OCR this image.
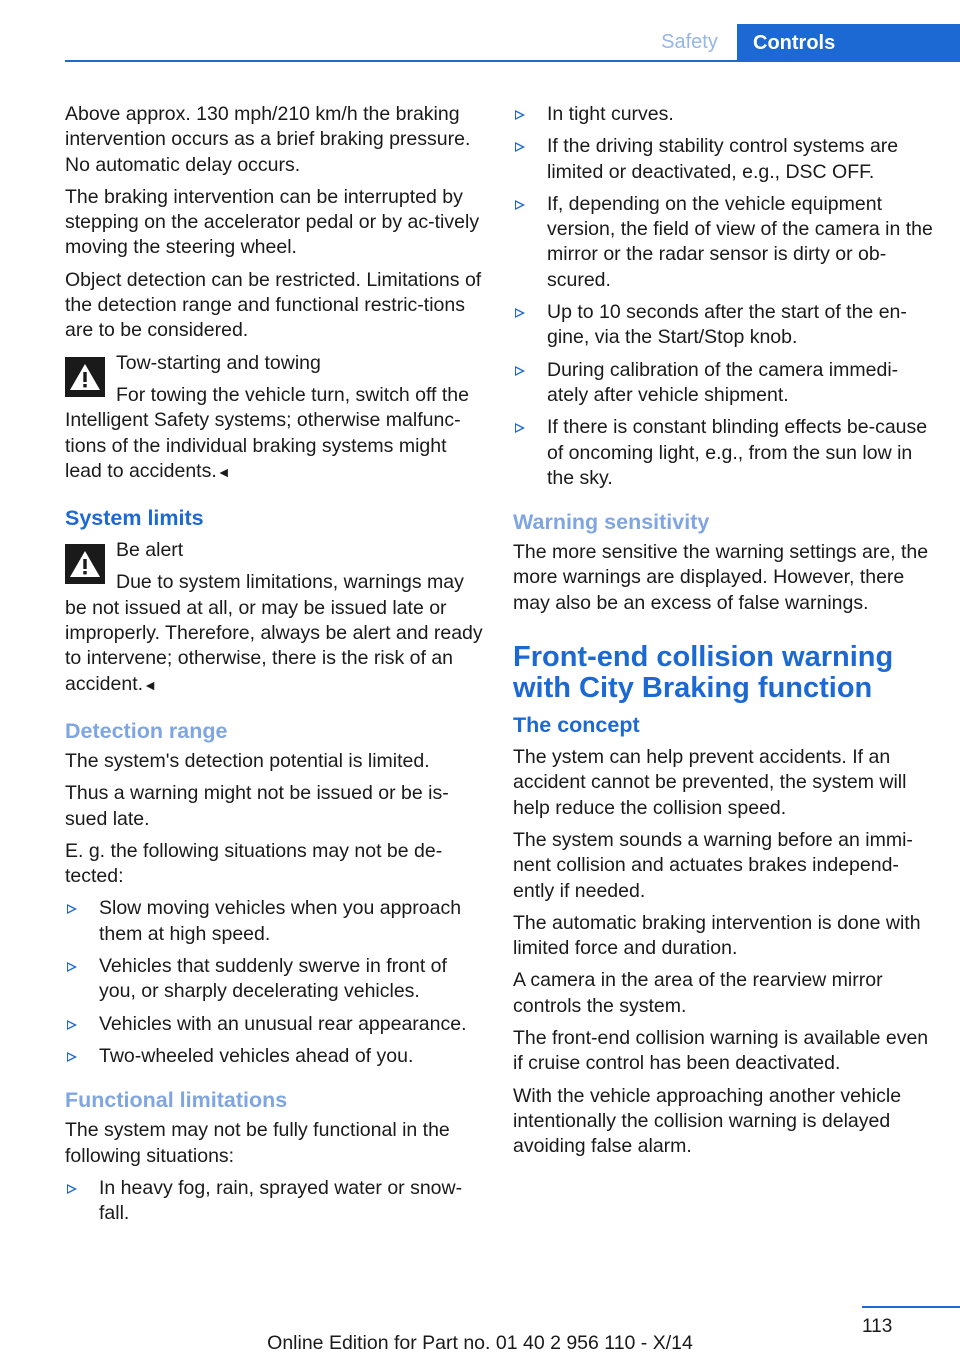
Safety	Controls

Above approx. 130 mph/210 km/h the braking intervention occurs as a brief braking pressure. No automatic delay occurs.

The braking intervention can be interrupted by stepping on the accelerator pedal or by ac‐tively moving the steering wheel.

Object detection can be restricted. Limitations of the detection range and functional restric‐tions are to be considered.

Tow-starting and towing

For towing the vehicle turn, switch off the Intelligent Safety systems; otherwise malfunc‐tions of the individual braking systems might lead to accidents.◄

System limits

Be alert

Due to system limitations, warnings may be not issued at all, or may be issued late or improperly. Therefore, always be alert and ready to intervene; otherwise, there is the risk of an accident.◄

Detection range

The system's detection potential is limited.

Thus a warning might not be issued or be is‐sued late.

E. g. the following situations may not be de‐tected:

Slow moving vehicles when you approach them at high speed.
Vehicles that suddenly swerve in front of you, or sharply decelerating vehicles.
Vehicles with an unusual rear appearance.
Two-wheeled vehicles ahead of you.
Functional limitations

The system may not be fully functional in the following situations:

In heavy fog, rain, sprayed water or snow‐fall.
In tight curves.
If the driving stability control systems are limited or deactivated, e.g., DSC OFF.
If, depending on the vehicle equipment version, the field of view of the camera in the mirror or the radar sensor is dirty or ob‐scured.
Up to 10 seconds after the start of the en‐gine, via the Start/Stop knob.
During calibration of the camera immedi‐ately after vehicle shipment.
If there is constant blinding effects be‐cause of oncoming light, e.g., from the sun low in the sky.
Warning sensitivity

The more sensitive the warning settings are, the more warnings are displayed. However, there may also be an excess of false warnings.

Front-end collision warning with City Braking function
The concept

The ystem can help prevent accidents. If an accident cannot be prevented, the system will help reduce the collision speed.

The system sounds a warning before an immi‐nent collision and actuates brakes independ‐ently if needed.

The automatic braking intervention is done with limited force and duration.

A camera in the area of the rearview mirror controls the system.

The front-end collision warning is available even if cruise control has been deactivated.

With the vehicle approaching another vehicle intentionally the collision warning is delayed avoiding false alarm.

113
Online Edition for Part no. 01 40 2 956 110 - X/14
